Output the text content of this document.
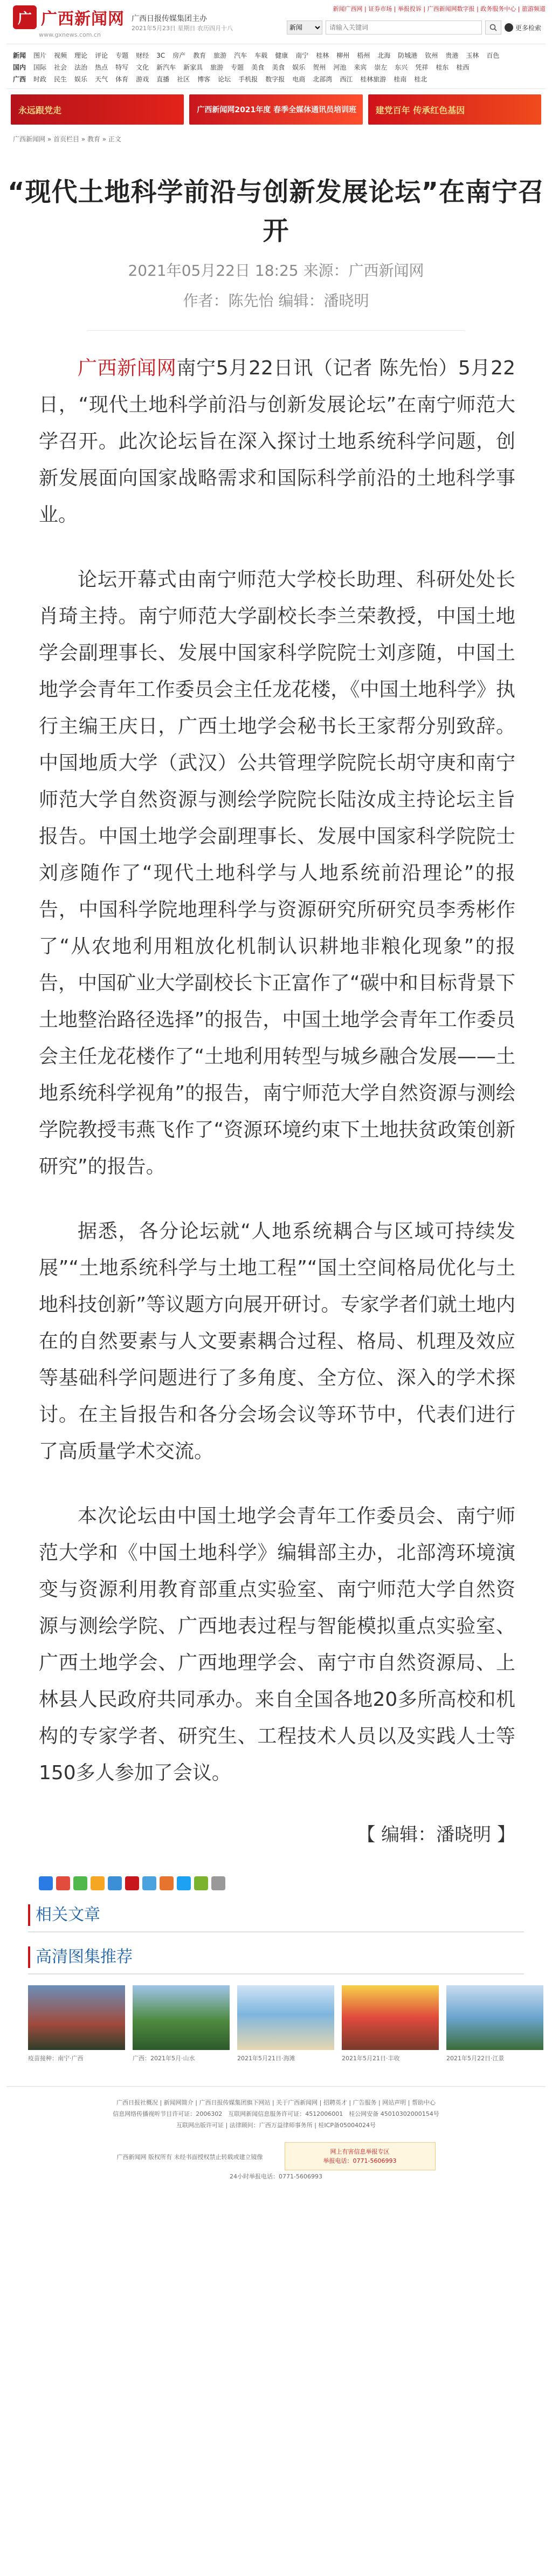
广 广西新闻网
www.gxnews.com.cn
广西日报传媒集团主办
2021年5月23日 星期日 农历四月十八
新闻广西网 | 证券市场 | 举报投诉 | 广西新闻网数字报 | 政务服务中心 | 旅游频道
新闻
请输入关键词
更多检索
新闻 图片 视频 理论 评论 专题 财经 3C 房产 教育 旅游 汽车 车载 健康 南宁 桂林 柳州 梧州 北海 防城港 钦州 贵港 玉林 百色
国内 国际 社会 法治 热点 特写 文化 新汽车 新家具 旅游 专题 美食 美食 娱乐 贺州 河池 来宾 崇左 东兴 凭祥 桂东 桂西
广西 时政 民生 娱乐 天气 体育 游戏 直播 社区 博客 论坛 手机报 数字报 电商 北部湾 西江 桂林旅游 桂南 桂北
永远跟党走	广西新闻网2021年度 春季全媒体通讯员培训班	建党百年 传承红色基因
广西新闻网 » 首页栏目 » 教育 » 正文
“现代土地科学前沿与创新发展论坛”在南宁召开
2021年05月22日 18:25 来源：广西新闻网
作者：陈先怡 编辑：潘晓明

广西新闻网南宁5月22日讯（记者 陈先怡）5月22日，“现代土地科学前沿与创新发展论坛”在南宁师范大学召开。此次论坛旨在深入探讨土地系统科学问题，创新发展面向国家战略需求和国际科学前沿的土地科学事业。

论坛开幕式由南宁师范大学校长助理、科研处处长肖琦主持。南宁师范大学副校长李兰荣教授，中国土地学会副理事长、发展中国家科学院院士刘彦随，中国土地学会青年工作委员会主任龙花楼，《中国土地科学》执行主编王庆日，广西土地学会秘书长王家帮分别致辞。中国地质大学（武汉）公共管理学院院长胡守庚和南宁师范大学自然资源与测绘学院院长陆汝成主持论坛主旨报告。中国土地学会副理事长、发展中国家科学院院士刘彦随作了“现代土地科学与人地系统前沿理论”的报告，中国科学院地理科学与资源研究所研究员李秀彬作了“从农地利用粗放化机制认识耕地非粮化现象”的报告，中国矿业大学副校长卞正富作了“碳中和目标背景下土地整治路径选择”的报告，中国土地学会青年工作委员会主任龙花楼作了“土地利用转型与城乡融合发展——土地系统科学视角”的报告，南宁师范大学自然资源与测绘学院教授韦燕飞作了“资源环境约束下土地扶贫政策创新研究”的报告。

据悉，各分论坛就“人地系统耦合与区域可持续发展”“土地系统科学与土地工程”“国土空间格局优化与土地科技创新”等议题方向展开研讨。专家学者们就土地内在的自然要素与人文要素耦合过程、格局、机理及效应等基础科学问题进行了多角度、全方位、深入的学术探讨。在主旨报告和各分会场会议等环节中，代表们进行了高质量学术交流。

本次论坛由中国土地学会青年工作委员会、南宁师范大学和《中国土地科学》编辑部主办，北部湾环境演变与资源利用教育部重点实验室、南宁师范大学自然资源与测绘学院、广西地表过程与智能模拟重点实验室、广西土地学会、广西地理学会、南宁市自然资源局、上林县人民政府共同承办。来自全国各地20多所高校和机构的专家学者、研究生、工程技术人员以及实践人士等150多人参加了会议。

【 编辑：潘晓明 】
相关文章
高清图集推荐
疫苗接种：南宁·广西	广西：2021年5月·山水	2021年5月21日·海滩	2021年5月21日·丰收	2021年5月22日·江景
广西日报社概况 | 新闻网简介 | 广西日报传媒集团旗下网站 | 关于广西新闻网 | 招聘英才 | 广告服务 | 网站声明 | 帮助中心
信息网络传播视听节目许可证：2006302　互联网新闻信息服务许可证：4512006001　桂公网安备 45010302000154号
互联网出版许可证 | 法律顾问：广西万益律师事务所 | 桂ICP备05004024号
广西新闻网 版权所有 未经书面授权禁止转载或建立镜像
网上有害信息举报专区
举报电话：0771-5606993
24小时举报电话：0771-5606993
